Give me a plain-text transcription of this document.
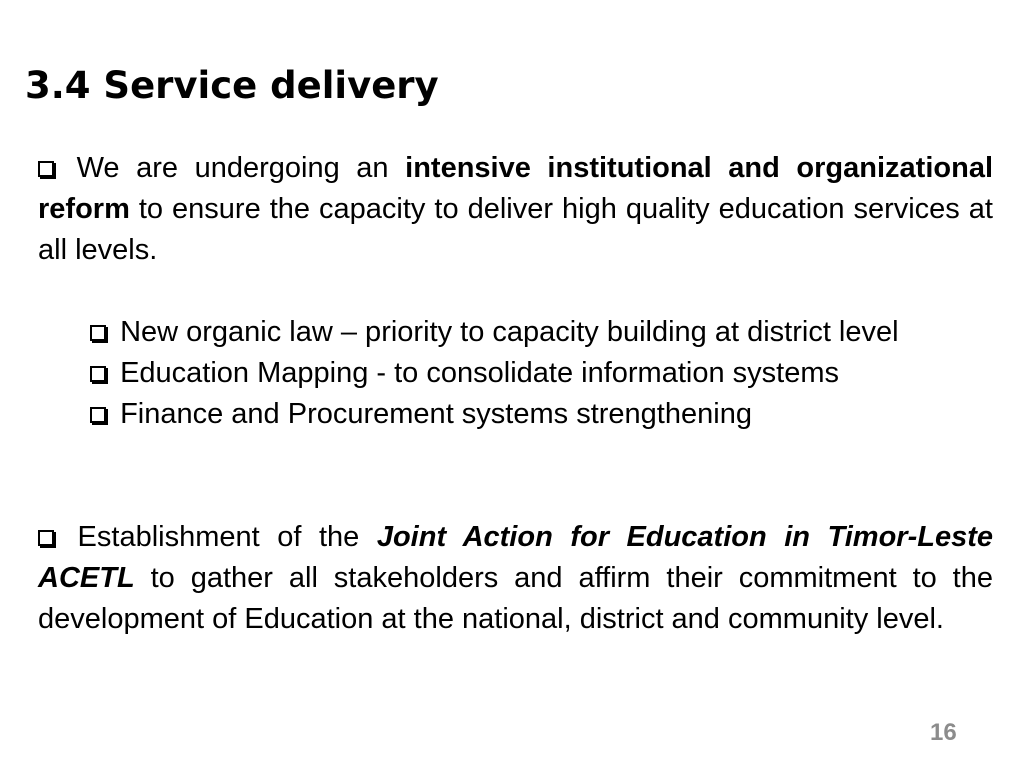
3.4 Service delivery

We are undergoing an intensive institutional and organizational reform to ensure the capacity to deliver high quality education services at all levels.

New organic law – priority to capacity building at district level
Education Mapping - to consolidate information systems
Finance and Procurement systems strengthening

Establishment of the Joint Action for Education in Timor-Leste ACETL to gather all stakeholders and affirm their commitment to the development of Education at the national, district and community level.

16
